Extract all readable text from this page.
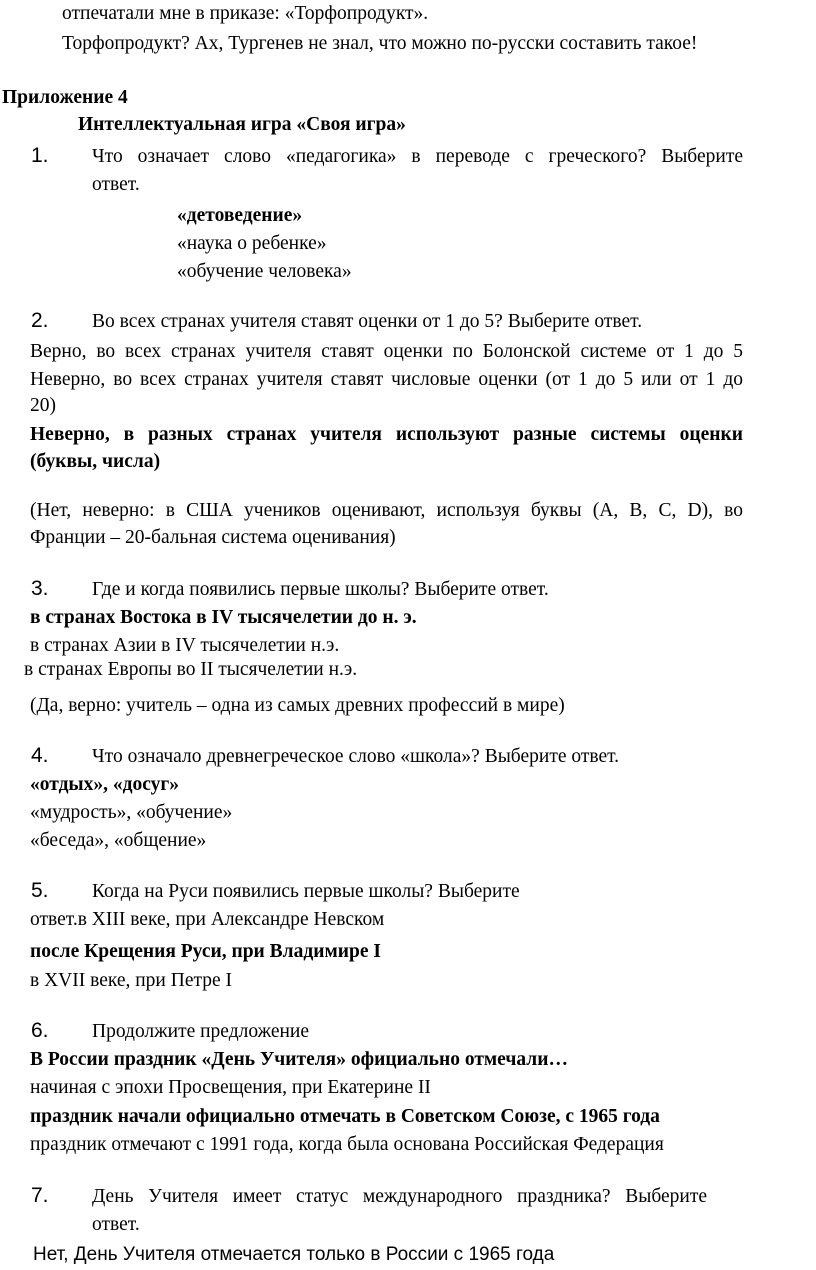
отпечатали мне в приказе: «Торфопродукт».
Торфопродукт? Ах, Тургенев не знал, что можно по-русски составить такое!
Приложение 4
Интеллектуальная игра «Своя игра»
1. Что означает слово «педагогика» в переводе с греческого? Выберите
ответ.
«детоведение»
«наука о ребенке»
«обучение человека»
2. Во всех странах учителя ставят оценки от 1 до 5? Выберите ответ.
Верно, во всех странах учителя ставят оценки по Болонской системе от 1 до 5
Неверно, во всех странах учителя ставят числовые оценки (от 1 до 5 или от 1 до
20)
Неверно, в разных странах учителя используют разные системы оценки
(буквы, числа)
(Нет, неверно: в США учеников оценивают, используя буквы (A, B, C, D), во
Франции – 20-бальная система оценивания)
3. Где и когда появились первые школы? Выберите ответ.
в странах Востока в IV тысячелетии до н. э.
в странах Азии в IV тысячелетии н.э.
в странах Европы во II тысячелетии н.э.
(Да, верно: учитель – одна из самых древних профессий в мире)
4. Что означало древнегреческое слово «школа»? Выберите ответ.
«отдых», «досуг»
«мудрость», «обучение»
«беседа», «общение»
5. Когда на Руси появились первые школы? Выберите
ответ.в XIII веке, при Александре Невском
после Крещения Руси, при Владимире I
в XVII веке, при Петре I
6. Продолжите предложение
В России праздник «День Учителя» официально отмечали…
начиная с эпохи Просвещения, при Екатерине II
праздник начали официально отмечать в Советском Союзе, с 1965 года
праздник отмечают с 1991 года, когда была основана Российская Федерация
7. День Учителя имеет статус международного праздника? Выберите
ответ.
Нет, День Учителя отмечается только в России с 1965 года
